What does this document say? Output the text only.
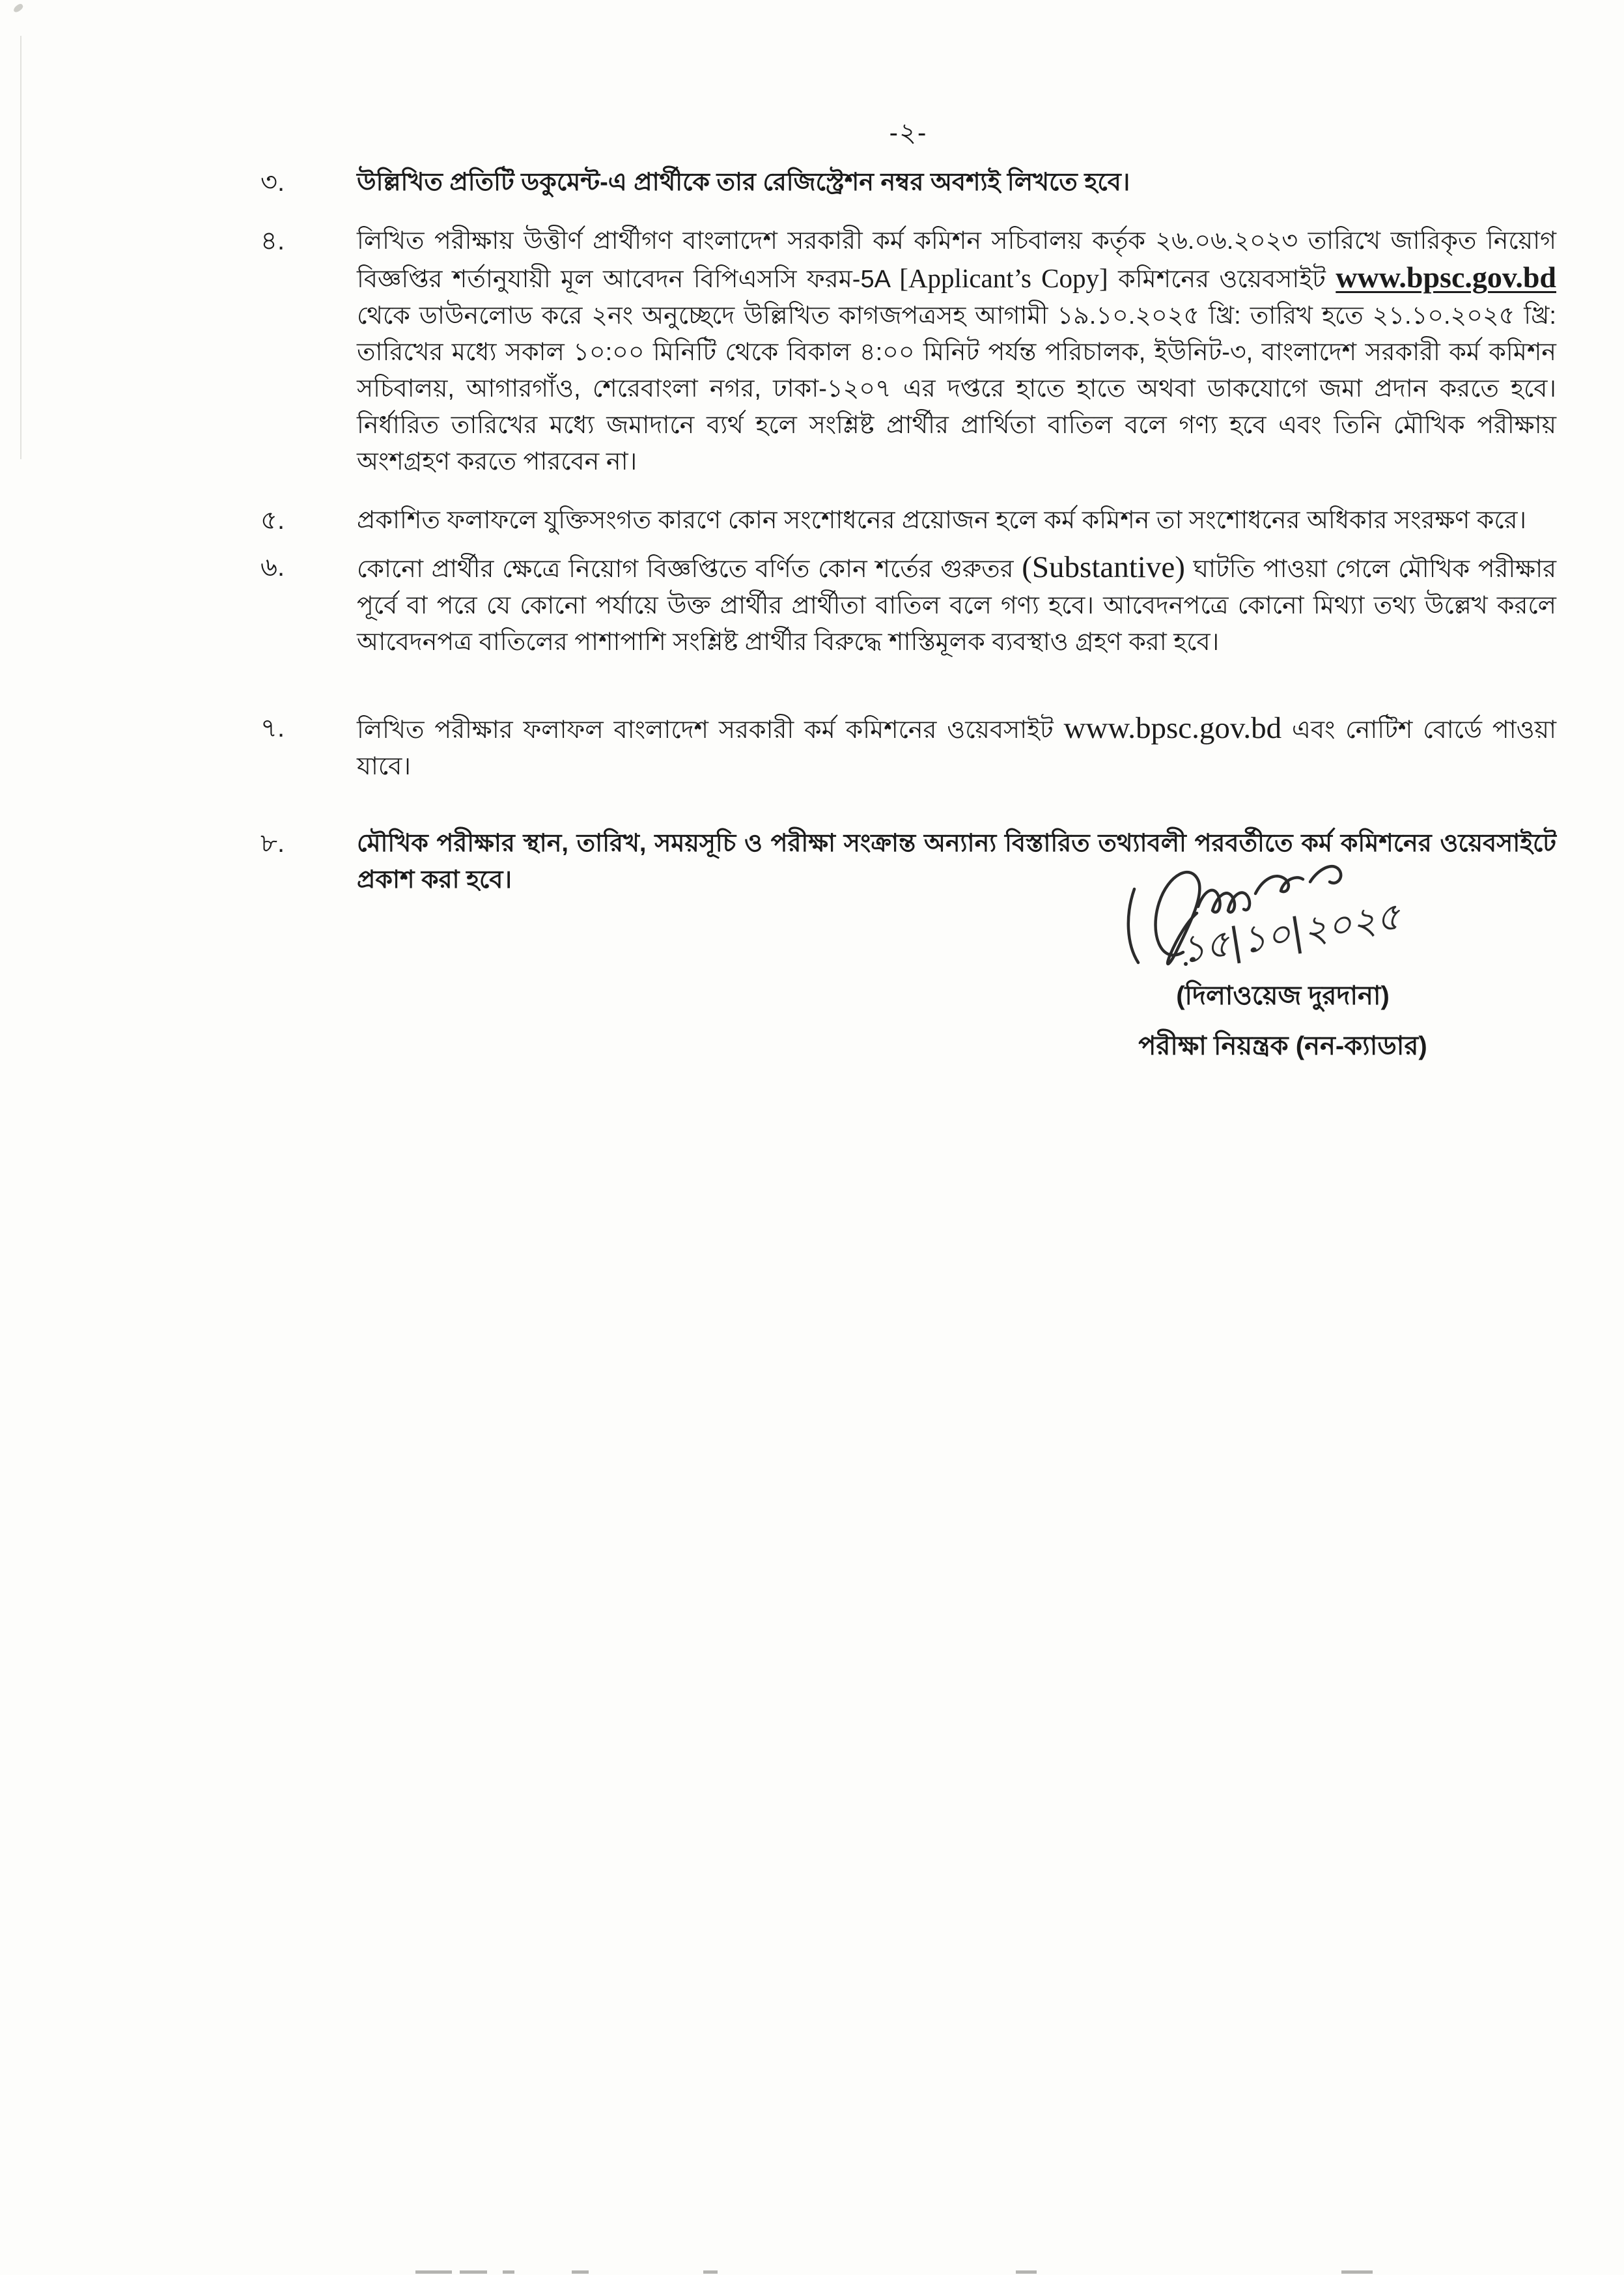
-২-
৩.	উল্লিখিত প্রতিটি ডকুমেন্ট-এ প্রার্থীকে তার রেজিস্ট্রেশন নম্বর অবশ্যই লিখতে হবে।
৪.	লিখিত পরীক্ষায় উত্তীর্ণ প্রার্থীগণ বাংলাদেশ সরকারী কর্ম কমিশন সচিবালয় কর্তৃক ২৬.০৬.২০২৩ তারিখে জারিকৃত নিয়োগ বিজ্ঞপ্তির শর্তানুযায়ী মূল আবেদন বিপিএসসি ফরম-5A [Applicant’s Copy] কমিশনের ওয়েবসাইট www.bpsc.gov.bd থেকে ডাউনলোড করে ২নং অনুচ্ছেদে উল্লিখিত কাগজপত্রসহ আগামী ১৯.১০.২০২৫ খ্রি: তারিখ হতে ২১.১০.২০২৫ খ্রি: তারিখের মধ্যে সকাল ১০:০০ মিনিটি থেকে বিকাল ৪:০০ মিনিট পর্যন্ত পরিচালক, ইউনিট-৩, বাংলাদেশ সরকারী কর্ম কমিশন সচিবালয়, আগারগাঁও, শেরেবাংলা নগর, ঢাকা-১২০৭ এর দপ্তরে হাতে হাতে অথবা ডাকযোগে জমা প্রদান করতে হবে। নির্ধারিত তারিখের মধ্যে জমাদানে ব্যর্থ হলে সংশ্লিষ্ট প্রার্থীর প্রার্থিতা বাতিল বলে গণ্য হবে এবং তিনি মৌখিক পরীক্ষায় অংশগ্রহণ করতে পারবেন না।
৫.	প্রকাশিত ফলাফলে যুক্তিসংগত কারণে কোন সংশোধনের প্রয়োজন হলে কর্ম কমিশন তা সংশোধনের অধিকার সংরক্ষণ করে।
৬.	কোনো প্রার্থীর ক্ষেত্রে নিয়োগ বিজ্ঞপ্তিতে বর্ণিত কোন শর্তের গুরুতর (Substantive) ঘাটতি পাওয়া গেলে মৌখিক পরীক্ষার পূর্বে বা পরে যে কোনো পর্যায়ে উক্ত প্রার্থীর প্রার্থীতা বাতিল বলে গণ্য হবে। আবেদনপত্রে কোনো মিথ্যা তথ্য উল্লেখ করলে আবেদনপত্র বাতিলের পাশাপাশি সংশ্লিষ্ট প্রার্থীর বিরুদ্ধে শাস্তিমূলক ব্যবস্থাও গ্রহণ করা হবে।
৭.	লিখিত পরীক্ষার ফলাফল বাংলাদেশ সরকারী কর্ম কমিশনের ওয়েবসাইট www.bpsc.gov.bd এবং নোটিশ বোর্ডে পাওয়া যাবে।
৮.	মৌখিক পরীক্ষার স্থান, তারিখ, সময়সূচি ও পরীক্ষা সংক্রান্ত অন্যান্য বিস্তারিত তথ্যাবলী পরবর্তীতে কর্ম কমিশনের ওয়েবসাইটে প্রকাশ করা হবে।
১৫|১০|২০২৫
(দিলাওয়েজ দুরদানা)
পরীক্ষা নিয়ন্ত্রক (নন-ক্যাডার)
